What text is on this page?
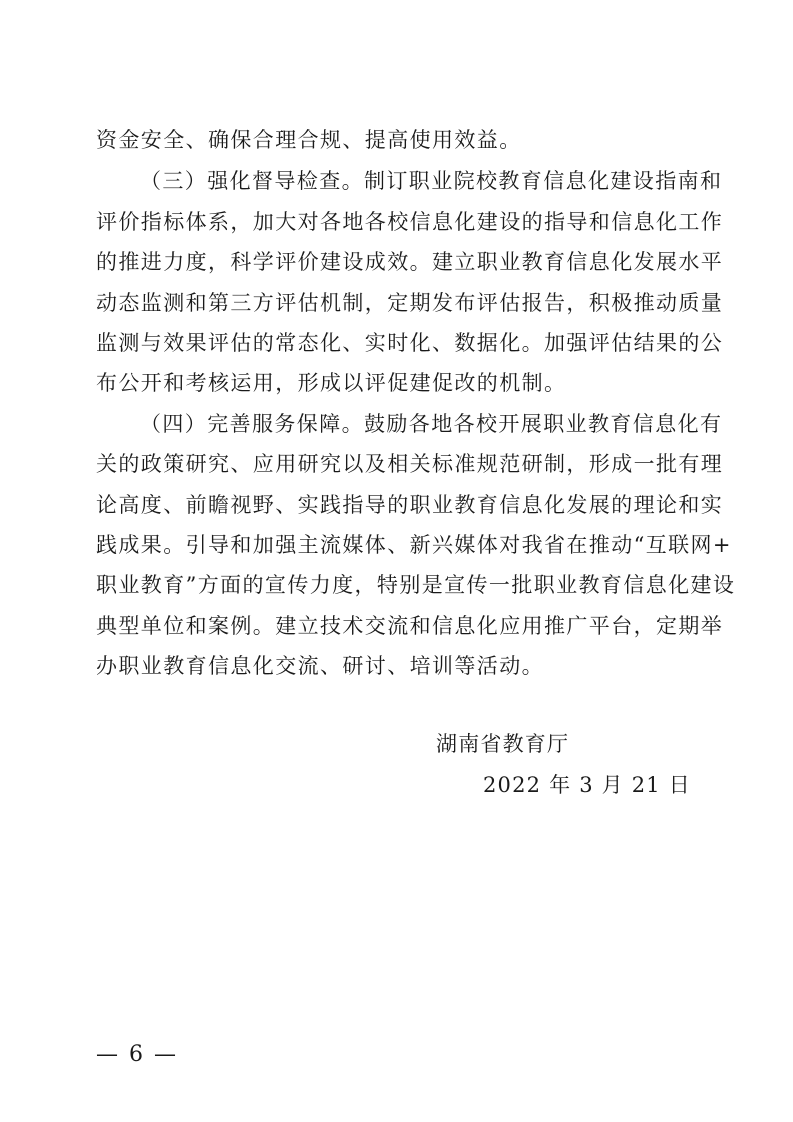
资金安全、确保合理合规、提高使用效益。
（三）强化督导检查。制订职业院校教育信息化建设指南和
评价指标体系，加大对各地各校信息化建设的指导和信息化工作
的推进力度，科学评价建设成效。建立职业教育信息化发展水平
动态监测和第三方评估机制，定期发布评估报告，积极推动质量
监测与效果评估的常态化、实时化、数据化。加强评估结果的公
布公开和考核运用，形成以评促建促改的机制。
（四）完善服务保障。鼓励各地各校开展职业教育信息化有
关的政策研究、应用研究以及相关标准规范研制，形成一批有理
论高度、前瞻视野、实践指导的职业教育信息化发展的理论和实
践成果。引导和加强主流媒体、新兴媒体对我省在推动“互联网+
职业教育”方面的宣传力度，特别是宣传一批职业教育信息化建设
典型单位和案例。建立技术交流和信息化应用推广平台，定期举
办职业教育信息化交流、研讨、培训等活动。
湖南省教育厅
2022 年 3 月 21 日
— 6 —
